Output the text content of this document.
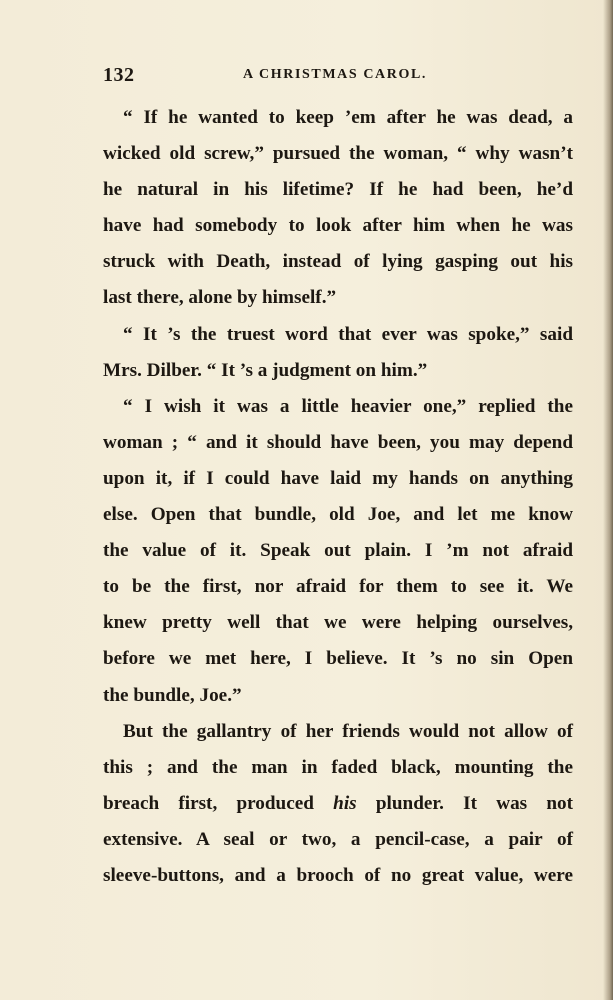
132	A CHRISTMAS CAROL.
“ If he wanted to keep ’em after he was dead, a
wicked old screw,” pursued the woman, “ why wasn’t
he natural in his lifetime? If he had been, he’d
have had somebody to look after him when he was
struck with Death, instead of lying gasping out his
last there, alone by himself.”
“ It ’s the truest word that ever was spoke,” said
Mrs. Dilber. “ It ’s a judgment on him.”
“ I wish it was a little heavier one,” replied the
woman ; “ and it should have been, you may depend
upon it, if I could have laid my hands on anything
else. Open that bundle, old Joe, and let me know
the value of it. Speak out plain. I ’m not afraid
to be the first, nor afraid for them to see it. We
knew pretty well that we were helping ourselves,
before we met here, I believe. It ’s no sin Open
the bundle, Joe.”
But the gallantry of her friends would not allow of
this ; and the man in faded black, mounting the
breach first, produced his plunder. It was not
extensive. A seal or two, a pencil-case, a pair of
sleeve-buttons, and a brooch of no great value, were
